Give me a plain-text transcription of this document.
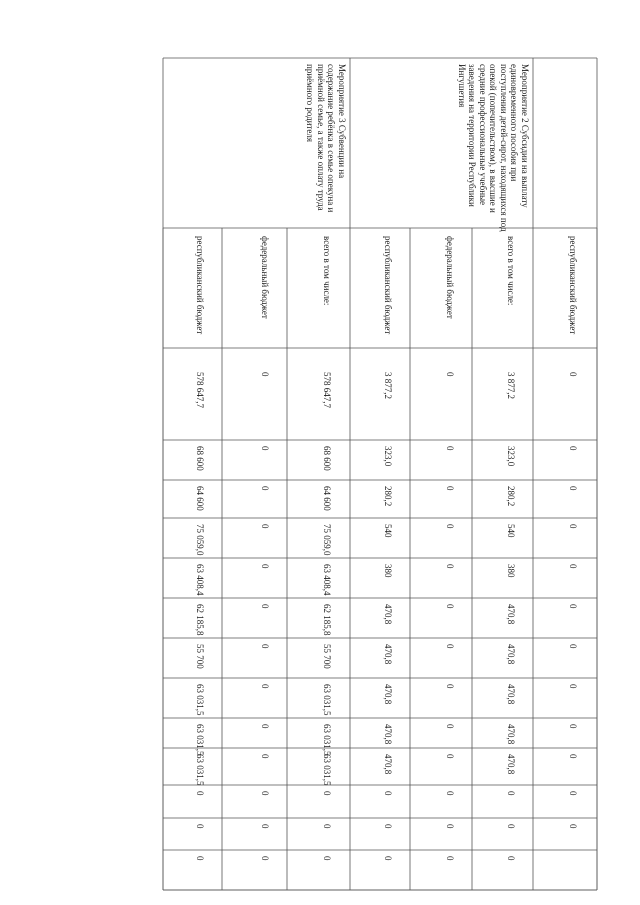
республиканский бюджет
0
0
0
0
0
0
0
0
0
0
0
0
Мероприятие 2 Субсидии на выплату единовременного пособия при поступлении детей-сирот, находящихся под опекой (попечительством), в высшие и средние профессиональные учебные заведения на территории Республики Ингушетия
всего в том числе:
3 877,2
323,0
280,2
540
380
470,8
470,8
470,8
470,8
470,8
0
0
0
федеральный бюджет
0
0
0
0
0
0
0
0
0
0
0
0
0
республиканский бюджет
3 877,2
323,0
280,2
540
380
470,8
470,8
470,8
470,8
470,8
0
0
0
Мероприятие 3 Субвенции на содержание ребёнка в семье опекуна и приёмной семье, а также оплату труда приёмного родителя
всего в том числе:
578 647,7
68 600
64 600
75 059,0
63 408,4
62 185,8
55 700
63 031,5
63 031,5
63 031,5
0
0
0
федеральный бюджет
0
0
0
0
0
0
0
0
0
0
0
0
0
республиканский бюджет
578 647,7
68 600
64 600
75 059,0
63 408,4
62 185,8
55 700
63 031,5
63 031,5
63 031,5
0
0
0
